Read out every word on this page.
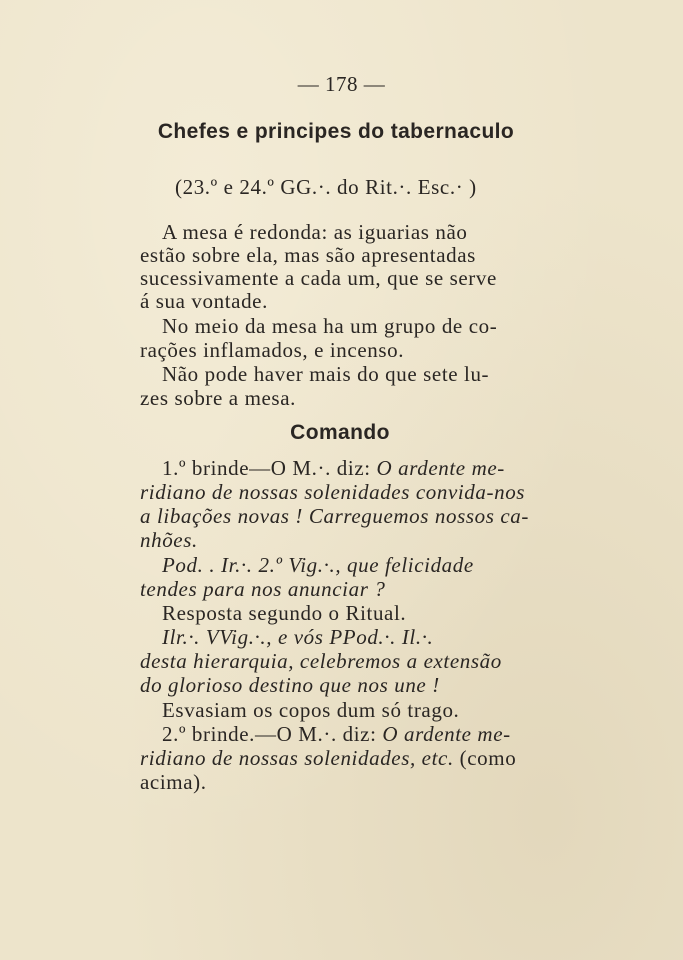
— 178 —
Chefes e principes do tabernaculo
(23.º e 24.º GG.·. do Rit.·. Esc.· )
A mesa é redonda: as iguarias não
estão sobre ela, mas são apresentadas
sucessivamente a cada um, que se serve
á sua vontade.
No meio da mesa ha um grupo de co-
rações inflamados, e incenso.
Não pode haver mais do que sete lu-
zes sobre a mesa.
Comando
1.º brinde—O M.·. diz: O ardente me-
ridiano de nossas solenidades convida-nos
a libações novas ! Carreguemos nossos ca-
nhões.
Pod. . Ir.·. 2.º Vig.·., que felicidade
tendes para nos anunciar ?
Resposta segundo o Ritual.
Ilr.·. VVig.·., e vós PPod.·. Il.·.
desta hierarquia, celebremos a extensão
do glorioso destino que nos une !
Esvasiam os copos dum só trago.
2.º brinde.—O M.·. diz: O ardente me-
ridiano de nossas solenidades, etc. (como
acima).
